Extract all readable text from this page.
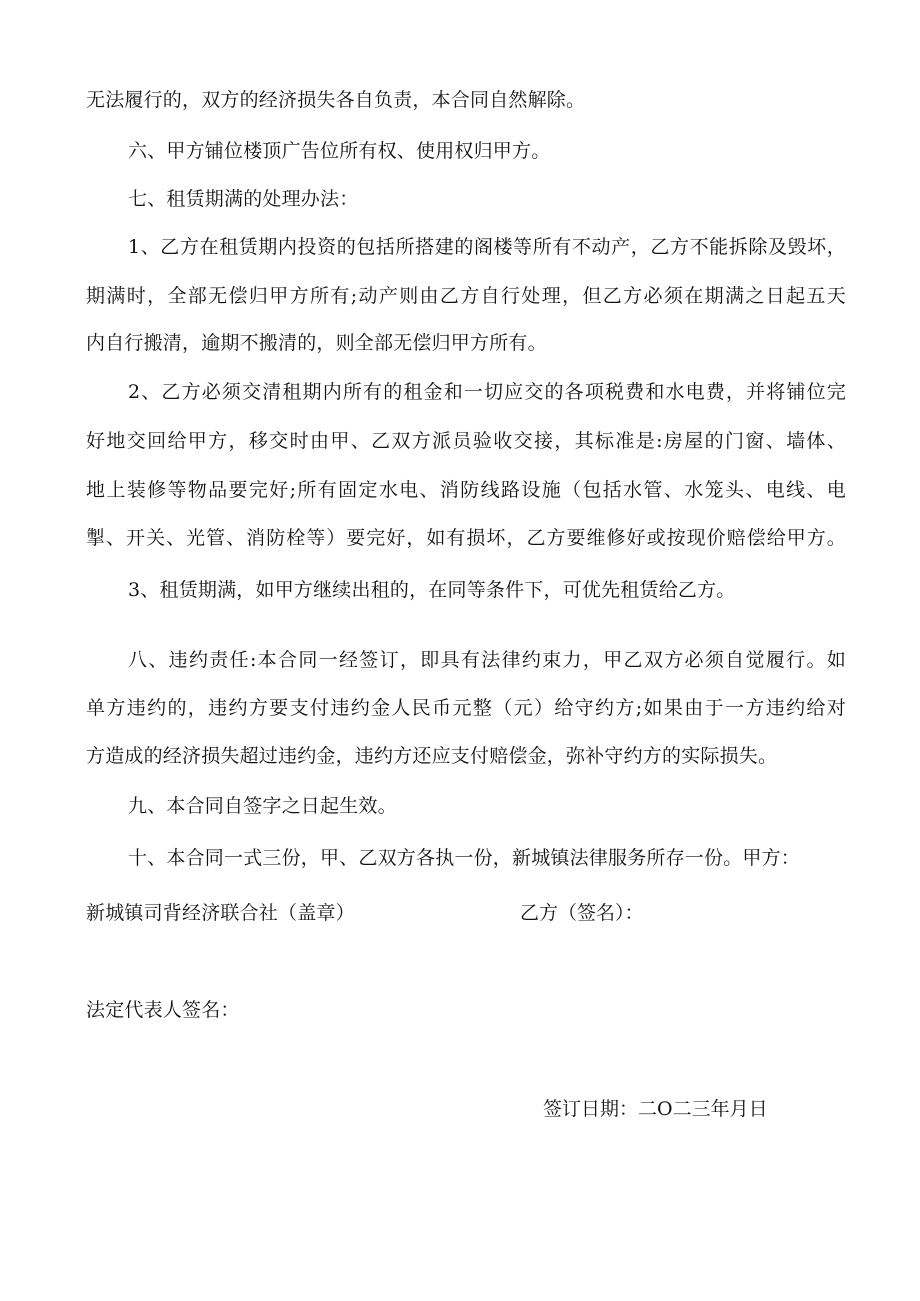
无法履行的，双方的经济损失各自负责，本合同自然解除。
六、甲方铺位楼顶广告位所有权、使用权归甲方。
七、租赁期满的处理办法：
1、乙方在租赁期内投资的包括所搭建的阁楼等所有不动产，乙方不能拆除及毁坏，
期满时，全部无偿归甲方所有;动产则由乙方自行处理，但乙方必须在期满之日起五天
内自行搬清，逾期不搬清的，则全部无偿归甲方所有。
2、乙方必须交清租期内所有的租金和一切应交的各项税费和水电费，并将铺位完
好地交回给甲方，移交时由甲、乙双方派员验收交接，其标准是:房屋的门窗、墙体、
地上装修等物品要完好;所有固定水电、消防线路设施（包括水管、水笼头、电线、电
掣、开关、光管、消防栓等）要完好，如有损坏，乙方要维修好或按现价赔偿给甲方。
3、租赁期满，如甲方继续出租的，在同等条件下，可优先租赁给乙方。
八、违约责任:本合同一经签订，即具有法律约束力，甲乙双方必须自觉履行。如
单方违约的，违约方要支付违约金人民币元整（元）给守约方;如果由于一方违约给对
方造成的经济损失超过违约金，违约方还应支付赔偿金，弥补守约方的实际损失。
九、本合同自签字之日起生效。
十、本合同一式三份，甲、乙双方各执一份，新城镇法律服务所存一份。甲方：
新城镇司背经济联合社（盖章）	乙方（签名）：
法定代表人签名：
签订日期：二O二三年月日
